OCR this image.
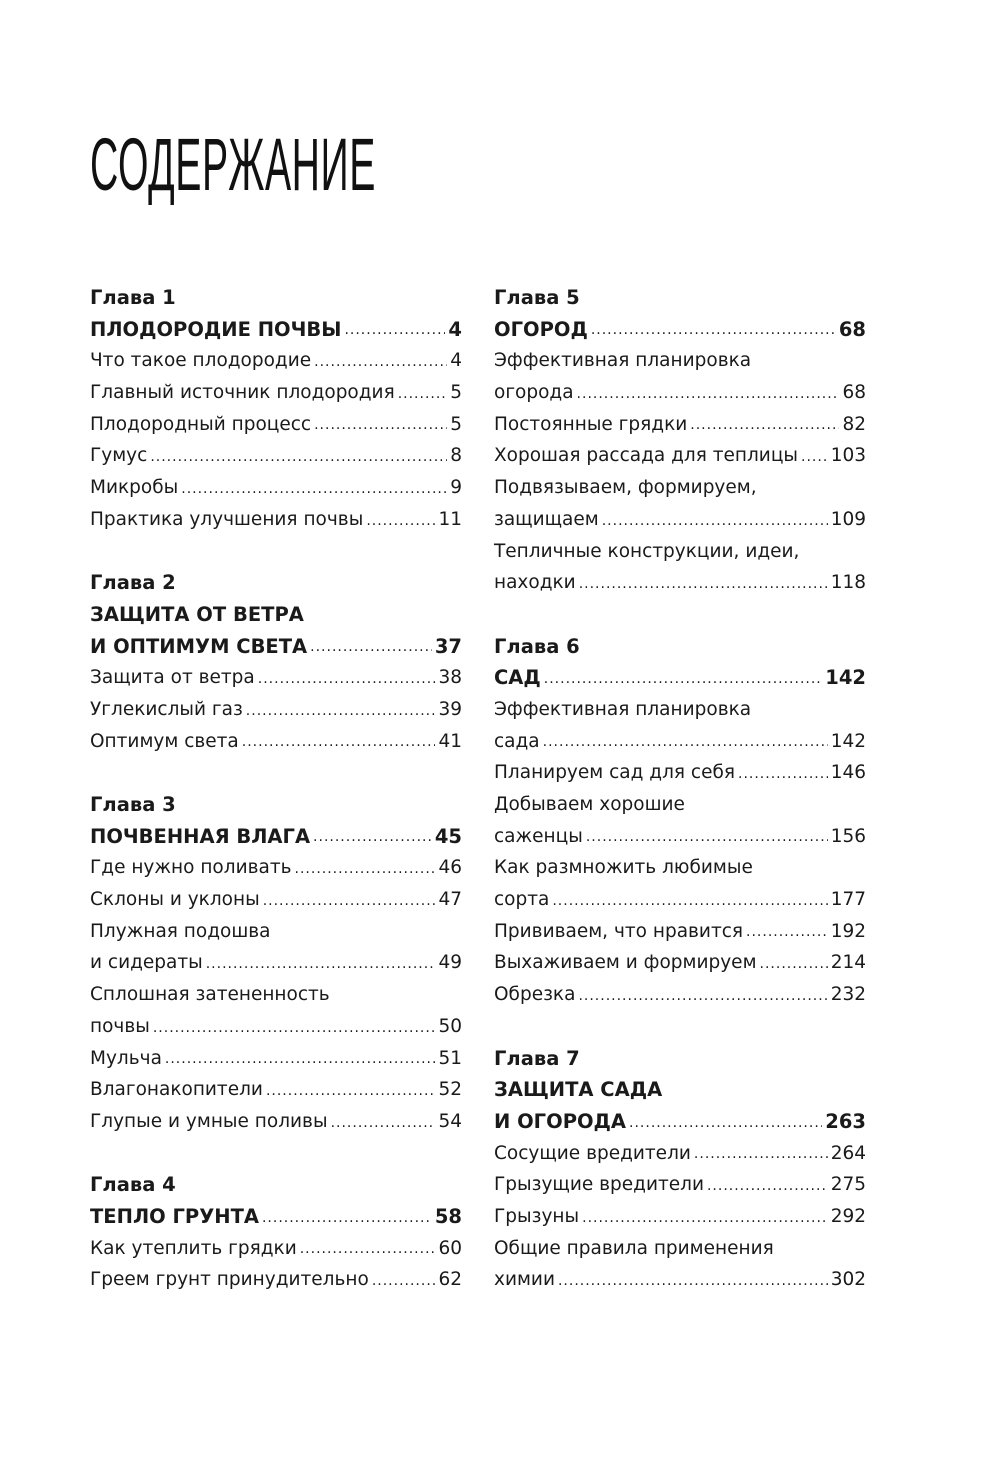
СОДЕРЖАНИЕ
Глава 1
ПЛОДОРОДИЕ ПОЧВЫ .....	4
Что такое плодородие .....	4
Главный источник плодородия .....	5
Плодородный процесс .....	5
Гумус .....	8
Микробы .....	9
Практика улучшения почвы .....	11
Глава 2
ЗАЩИТА ОТ ВЕТРА
И ОПТИМУМ СВЕТА .....	37
Защита от ветра .....	38
Углекислый газ .....	39
Оптимум света .....	41
Глава 3
ПОЧВЕННАЯ ВЛАГА .....	45
Где нужно поливать .....	46
Склоны и уклоны .....	47
Плужная подошва
и сидераты .....	49
Сплошная затененность
почвы .....	50
Мульча .....	51
Влагонакопители .....	52
Глупые и умные поливы .....	54
Глава 4
ТЕПЛО ГРУНТА .....	58
Как утеплить грядки .....	60
Греем грунт принудительно .....	62
Глава 5
ОГОРОД .....	68
Эффективная планировка
огорода .....	68
Постоянные грядки .....	82
Хорошая рассада для теплицы ..... 103
Подвязываем, формируем,
защищаем .....	109
Тепличные конструкции, идеи,
находки .....	118
Глава 6
САД .....	142
Эффективная планировка
сада .....	142
Планируем сад для себя .....	146
Добываем хорошие
саженцы .....	156
Как размножить любимые
сорта .....	177
Прививаем, что нравится .....	192
Выхаживаем и формируем .....	214
Обрезка .....	232
Глава 7
ЗАЩИТА САДА
И ОГОРОДА .....	263
Сосущие вредители .....	264
Грызущие вредители .....	275
Грызуны .....	292
Общие правила применения
химии .....	302
